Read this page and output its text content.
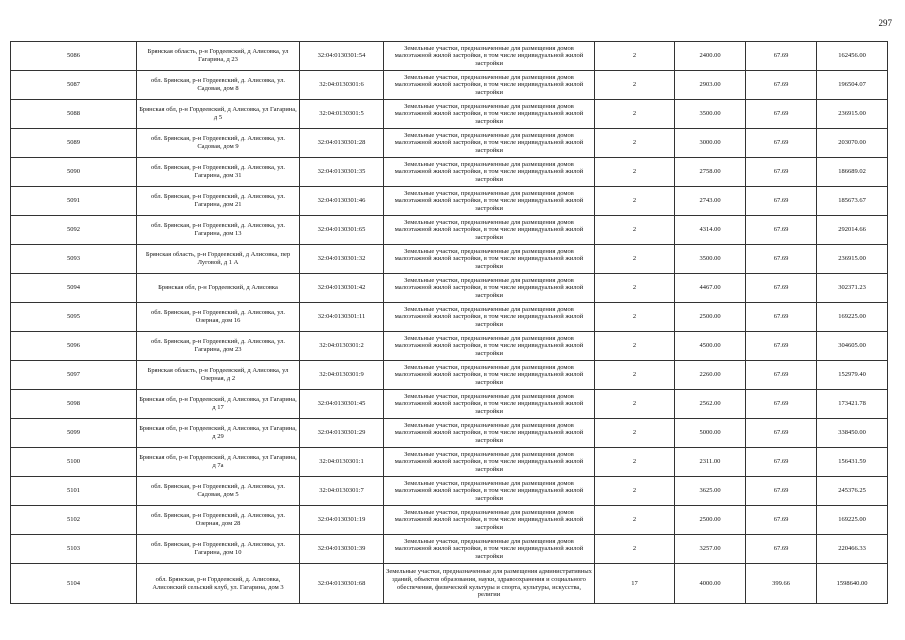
297
5086	Брянская область, р-н Гордеевский, д Алисовка, ул Гагарина, д 23	32:04:0130301:54	Земельные участки, предназначенные для размещения домов малоэтажной жилой застройки, в том числе индивидуальной жилой застройки	2	2400.00	67.69	162456.00
5087	обл. Брянская, р-н Гордеевский, д. Алисовка, ул. Садовая, дом 8	32:04:0130301:6	Земельные участки, предназначенные для размещения домов малоэтажной жилой застройки, в том числе индивидуальной жилой застройки	2	2903.00	67.69	196504.07
5088	Брянская обл, р-н Гордеевский, д Алисовка, ул Гагарина, д 5	32:04:0130301:5	Земельные участки, предназначенные для размещения домов малоэтажной жилой застройки, в том числе индивидуальной жилой застройки	2	3500.00	67.69	236915.00
5089	обл. Брянская, р-н Гордеевский, д. Алисовка, ул. Садовая, дом 9	32:04:0130301:28	Земельные участки, предназначенные для размещения домов малоэтажной жилой застройки, в том числе индивидуальной жилой застройки	2	3000.00	67.69	203070.00
5090	обл. Брянская, р-н Гордеевский, д. Алисовка, ул. Гагарина, дом 31	32:04:0130301:35	Земельные участки, предназначенные для размещения домов малоэтажной жилой застройки, в том числе индивидуальной жилой застройки	2	2758.00	67.69	186689.02
5091	обл. Брянская, р-н Гордеевский, д. Алисовка, ул. Гагарина, дом 21	32:04:0130301:46	Земельные участки, предназначенные для размещения домов малоэтажной жилой застройки, в том числе индивидуальной жилой застройки	2	2743.00	67.69	185673.67
5092	обл. Брянская, р-н Гордеевский, д. Алисовка, ул. Гагарина, дом 13	32:04:0130301:65	Земельные участки, предназначенные для размещения домов малоэтажной жилой застройки, в том числе индивидуальной жилой застройки	2	4314.00	67.69	292014.66
5093	Брянская область, р-н Гордеевский, д Алисовка, пер Луговой, д 1 А	32:04:0130301:32	Земельные участки, предназначенные для размещения домов малоэтажной жилой застройки, в том числе индивидуальной жилой застройки	2	3500.00	67.69	236915.00
5094	Брянская обл, р-н Гордеевский, д Алисовка	32:04:0130301:42	Земельные участки, предназначенные для размещения домов малоэтажной жилой застройки, в том числе индивидуальной жилой застройки	2	4467.00	67.69	302371.23
5095	обл. Брянская, р-н Гордеевский, д. Алисовка, ул. Озерная, дом 16	32:04:0130301:11	Земельные участки, предназначенные для размещения домов малоэтажной жилой застройки, в том числе индивидуальной жилой застройки	2	2500.00	67.69	169225.00
5096	обл. Брянская, р-н Гордеевский, д. Алисовка, ул. Гагарина, дом 23	32:04:0130301:2	Земельные участки, предназначенные для размещения домов малоэтажной жилой застройки, в том числе индивидуальной жилой застройки	2	4500.00	67.69	304605.00
5097	Брянская область, р-н Гордеевский, д Алисовка, ул Озерная, д 2	32:04:0130301:9	Земельные участки, предназначенные для размещения домов малоэтажной жилой застройки, в том числе индивидуальной жилой застройки	2	2260.00	67.69	152979.40
5098	Брянская обл, р-н Гордеевский, д Алисовка, ул Гагарина, д 17	32:04:0130301:45	Земельные участки, предназначенные для размещения домов малоэтажной жилой застройки, в том числе индивидуальной жилой застройки	2	2562.00	67.69	173421.78
5099	Брянская обл, р-н Гордеевский, д Алисовка, ул Гагарина, д 29	32:04:0130301:29	Земельные участки, предназначенные для размещения домов малоэтажной жилой застройки, в том числе индивидуальной жилой застройки	2	5000.00	67.69	338450.00
5100	Брянская обл, р-н Гордеевский, д Алисовка, ул Гагарина, д 7а	32:04:0130301:1	Земельные участки, предназначенные для размещения домов малоэтажной жилой застройки, в том числе индивидуальной жилой застройки	2	2311.00	67.69	156431.59
5101	обл. Брянская, р-н Гордеевский, д. Алисовка, ул. Садовая, дом 5	32:04:0130301:7	Земельные участки, предназначенные для размещения домов малоэтажной жилой застройки, в том числе индивидуальной жилой застройки	2	3625.00	67.69	245376.25
5102	обл. Брянская, р-н Гордеевский, д. Алисовка, ул. Озерная, дом 28	32:04:0130301:19	Земельные участки, предназначенные для размещения домов малоэтажной жилой застройки, в том числе индивидуальной жилой застройки	2	2500.00	67.69	169225.00
5103	обл. Брянская, р-н Гордеевский, д. Алисовка, ул. Гагарина, дом 10	32:04:0130301:39	Земельные участки, предназначенные для размещения домов малоэтажной жилой застройки, в том числе индивидуальной жилой застройки	2	3257.00	67.69	220466.33
5104	обл. Брянская, р-н Гордеевский, д. Алисовка, Алисовский сельский клуб, ул. Гагарина, дом 3	32:04:0130301:68	Земельные участки, предназначенные для размещения административных зданий, объектов образования, науки, здравоохранения и социального обеспечения, физической культуры и спорта, культуры, искусства, религии	17	4000.00	399.66	1598640.00
